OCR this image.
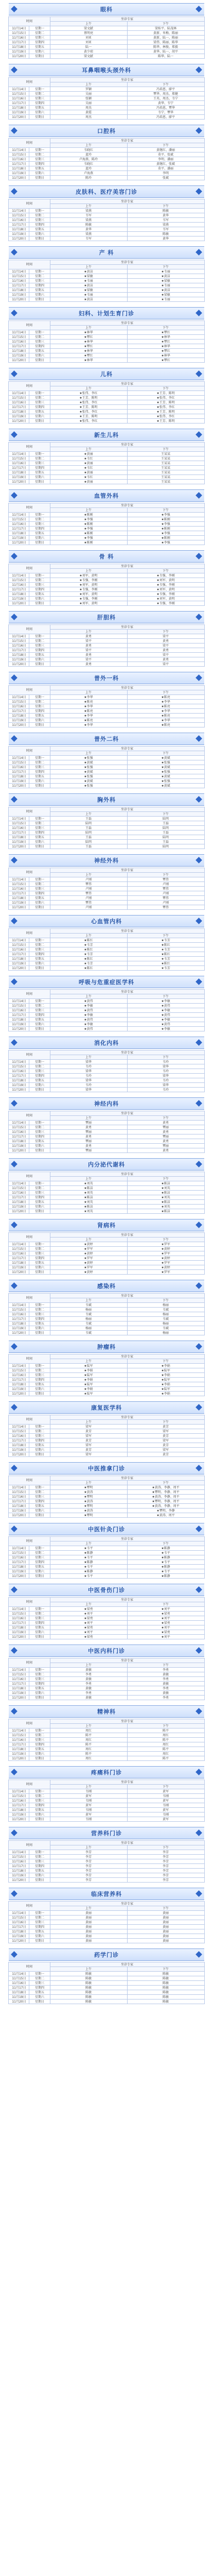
眼科
时间		坐诊专家	
		上午	下午
11月14日	星期一	梁文献	梁桂平、陆茂林
11月15日	星期二	蔡明亮	黄新、米梅、陈丽
11月16日	星期三	刘亚	黄新、陆一、陈丽
11月17日	星期四	刘亚	梁伟、陈丽、陈华
11月18日	星期五	陆一	陈华、林俊、郑毅
11月19日	星期六	黄少琼	黄华、陆一、胡平
11月20日	星期日	梁文献	陈华、陆一
耳鼻咽喉头颈外科
时间		坐诊专家	
		上午	下午
11月14日	星期一	罗颖	冯培恩、廖平
11月15日	星期二	吴丽	覃华、周杰、郑健
11月16日	星期三	张颖	王英、周杰、韦宁
11月17日	星期四	吴丽	黄华、韦宁
11月18日	星期五	周杰	冯培恩、覃华
11月19日	星期六	黄霞	韦宁、覃华
11月20日	星期日	周杰	冯培恩、廖平
口腔科
时间		坐诊专家	
		上午	下午
11月14日	星期一	韦晓红	黄继红、潘丽
11月15日	星期二	蓝玲	莫平、张斌
11月16日	星期三	卢海燕、陈玲	李明、潘丽
11月17日	星期四	韦晓红	黄继红、张斌
11月18日	星期五	蓝玲	莫平、潘丽
11月19日	星期六	卢海燕	李明
11月20日	星期日	陈玲	张斌
皮肤科、医疗美容门诊
时间		坐诊专家	
		上午	下午
11月14日	星期一	梁燕	陈敏
11月15日	星期二	韦军	黄华
11月16日	星期三	梁燕	韦军
11月17日	星期四	陈敏	梁燕
11月18日	星期五	黄华	韦军
11月19日	星期六	梁燕	陈敏
11月20日	星期日	韦军	黄华
产 科
时间		坐诊专家	
		上午	下午
11月14日	星期一	★黄洁	★韦丽
11月15日	星期二	★梁敏	★黄洁
11月16日	星期三	★韦丽	★梁敏
11月17日	星期四	★黄洁	★韦丽
11月18日	星期五	★梁敏	★黄洁
11月19日	星期六	★韦丽	★梁敏
11月20日	星期日	★黄洁	★韦丽
妇科、计划生育门诊
时间		坐诊专家	
		上午	下午
11月14日	星期一	★林华	★覃红
11月15日	星期二	★覃红	★林华
11月16日	星期三	★林华	★覃红
11月17日	星期四	★覃红	★林华
11月18日	星期五	★林华	★覃红
11月19日	星期六	★覃红	★林华
11月20日	星期日	★林华	★覃红
儿科
时间		坐诊专家	
		上午	下午
11月14日	星期一	★张伟、李红	★王芳、陈明
11月15日	星期二	★王芳、陈明	★张伟、李红
11月16日	星期三	★张伟、李红	★王芳、陈明
11月17日	星期四	★王芳、陈明	★张伟、李红
11月18日	星期五	★张伟、李红	★王芳、陈明
11月19日	星期六	★王芳、陈明	★张伟、李红
11月20日	星期日	★张伟、李红	★王芳、陈明
新生儿科
时间		坐诊专家	
		上午	下午
11月14日	星期一	★黄丽	王某某
11月15日	星期二	★韦红	王某某
11月16日	星期三	★黄丽	王某某
11月17日	星期四	★韦红	王某某
11月18日	星期五	★黄丽	王某某
11月19日	星期六	★韦红	王某某
11月20日	星期日	★黄丽	王某某
血管外科
时间		坐诊专家	
		上午	下午
11月14日	星期一	★陈刚	★李强
11月15日	星期二	★李强	★陈刚
11月16日	星期三	★陈刚	★李强
11月17日	星期四	★李强	★陈刚
11月18日	星期五	★陈刚	★李强
11月19日	星期六	★李强	★陈刚
11月20日	星期日	★陈刚	★李强
骨 科
时间		坐诊专家	
		上午	下午
11月14日	星期一	★刘军、黄明	★韦强、李刚
11月15日	星期二	★韦强、李刚	★刘军、黄明
11月16日	星期三	★刘军、黄明	★韦强、李刚
11月17日	星期四	★韦强、李刚	★刘军、黄明
11月18日	星期五	★刘军、黄明	★韦强、李刚
11月19日	星期六	★韦强、李刚	★刘军、黄明
11月20日	星期日	★刘军、黄明	★韦强、李刚
肝胆科
时间		坐诊专家	
		上午	下午
11月14日	星期一	黄勇	梁平
11月15日	星期二	梁平	黄勇
11月16日	星期三	黄勇	梁平
11月17日	星期四	梁平	黄勇
11月18日	星期五	黄勇	梁平
11月19日	星期六	梁平	黄勇
11月20日	星期日	黄勇	梁平
普外一科
时间		坐诊专家	
		上午	下午
11月14日	星期一	★李华	★陈亮
11月15日	星期二	★陈亮	★李华
11月16日	星期三	★李华	★陈亮
11月17日	星期四	★陈亮	★李华
11月18日	星期五	★李华	★陈亮
11月19日	星期六	★陈亮	★李华
11月20日	星期日	★李华	★陈亮
普外二科
时间		坐诊专家	
		上午	下午
11月14日	星期一	★张强	★黄斌
11月15日	星期二	★黄斌	★张强
11月16日	星期三	★张强	★黄斌
11月17日	星期四	★黄斌	★张强
11月18日	星期五	★张强	★黄斌
11月19日	星期六	★黄斌	★张强
11月20日	星期日	★张强	★黄斌
胸外科
时间		坐诊专家	
		上午	下午
11月14日	星期一	王磊	陆明
11月15日	星期二	陆明	王磊
11月16日	星期三	王磊	陆明
11月17日	星期四	陆明	王磊
11月18日	星期五	王磊	陆明
11月19日	星期六	陆明	王磊
11月20日	星期日	王磊	陆明
神经外科
时间		坐诊专家	
		上午	下午
11月14日	星期一	卢刚	覃伟
11月15日	星期二	覃伟	卢刚
11月16日	星期三	卢刚	覃伟
11月17日	星期四	覃伟	卢刚
11月18日	星期五	卢刚	覃伟
11月19日	星期六	覃伟	卢刚
11月20日	星期日	卢刚	覃伟
心血管内科
时间		坐诊专家	
		上午	下午
11月14日	星期一	★陈红	★韦芳
11月15日	星期二	★韦芳	★陈红
11月16日	星期三	★陈红	★韦芳
11月17日	星期四	★韦芳	★陈红
11月18日	星期五	★陈红	★韦芳
11月19日	星期六	★韦芳	★陈红
11月20日	星期日	★陈红	★韦芳
呼吸与危重症医学科
时间		坐诊专家	
		上午	下午
11月14日	星期一	★黄伟	★李敏
11月15日	星期二	★李敏	★黄伟
11月16日	星期三	★黄伟	★李敏
11月17日	星期四	★李敏	★黄伟
11月18日	星期五	★黄伟	★李敏
11月19日	星期六	★李敏	★黄伟
11月20日	星期日	★黄伟	★李敏
消化内科
时间		坐诊专家	
		上午	下午
11月14日	星期一	梁华	韦玲
11月15日	星期二	韦玲	梁华
11月16日	星期三	梁华	韦玲
11月17日	星期四	韦玲	梁华
11月18日	星期五	梁华	韦玲
11月19日	星期六	韦玲	梁华
11月20日	星期日	梁华	韦玲
神经内科
时间		坐诊专家	
		上午	下午
11月14日	星期一	覃丽	黄勇
11月15日	星期二	黄勇	覃丽
11月16日	星期三	覃丽	黄勇
11月17日	星期四	黄勇	覃丽
11月18日	星期五	覃丽	黄勇
11月19日	星期六	黄勇	覃丽
11月20日	星期日	覃丽	黄勇
内分泌代谢科
时间		坐诊专家	
		上午	下午
11月14日	星期一	★刘英	★陈洁
11月15日	星期二	★陈洁	★刘英
11月16日	星期三	★刘英	★陈洁
11月17日	星期四	★陈洁	★刘英
11月18日	星期五	★刘英	★陈洁
11月19日	星期六	★陈洁	★刘英
11月20日	星期日	★刘英	★陈洁
肾病科
时间		坐诊专家	
		上午	下午
11月14日	星期一	★黄婷	★罗军
11月15日	星期二	★罗军	★黄婷
11月16日	星期三	★黄婷	★罗军
11月17日	星期四	★罗军	★黄婷
11月18日	星期五	★黄婷	★罗军
11月19日	星期六	★罗军	★黄婷
11月20日	星期日	★黄婷	★罗军
感染科
时间		坐诊专家	
		上午	下午
11月14日	星期一	韦斌	杨丽
11月15日	星期二	杨丽	韦斌
11月16日	星期三	韦斌	杨丽
11月17日	星期四	杨丽	韦斌
11月18日	星期五	韦斌	杨丽
11月19日	星期六	杨丽	韦斌
11月20日	星期日	韦斌	杨丽
肿瘤科
时间		坐诊专家	
		上午	下午
11月14日	星期一	★陆军	★李娟
11月15日	星期二	★李娟	★陆军
11月16日	星期三	★陆军	★李娟
11月17日	星期四	★李娟	★陆军
11月18日	星期五	★陆军	★李娟
11月19日	星期六	★李娟	★陆军
11月20日	星期日	★陆军	★李娟
康复医学科
时间		坐诊专家	
		上午	下午
11月14日	星期一	梁军	黄芳
11月15日	星期二	黄芳	梁军
11月16日	星期三	梁军	黄芳
11月17日	星期四	黄芳	梁军
11月18日	星期五	梁军	黄芳
11月19日	星期六	黄芳	梁军
11月20日	星期日	梁军	黄芳
中医推拿门诊
时间		坐诊专家	
		上午	下午
11月14日	星期一	★覃明	★黄涛、李静、周平
11月15日	星期二	★黄涛	★覃明、李静、周平
11月16日	星期三	★覃明	★黄涛、李静、周平
11月17日	星期四	★黄涛	★覃明、李静、周平
11月18日	星期五	★覃明	★黄涛、李静、周平
11月19日	星期六	★黄涛	★覃明、李静
11月20日	星期日	★覃明	★黄涛、周平
中医针灸门诊
时间		坐诊专家	
		上午	下午
11月14日	星期一	★韦平	★陈静
11月15日	星期二	★陈静	★韦平
11月16日	星期三	★韦平	★陈静
11月17日	星期四	★陈静	★韦平
11月18日	星期五	★韦平	★陈静
11月19日	星期六	★陈静	★韦平
11月20日	星期日	★韦平	★陈静
中医骨伤门诊
时间		坐诊专家	
		上午	下午
11月14日	星期一	★梁勇	★刘平
11月15日	星期二	★刘平	★梁勇
11月16日	星期三	★梁勇	★刘平
11月17日	星期四	★刘平	★梁勇
11月18日	星期五	★梁勇	★刘平
11月19日	星期六	★刘平	★梁勇
11月20日	星期日	★梁勇	★刘平
中医内科门诊
时间		坐诊专家	
		上午	下午
11月14日	星期一	黄敏	李勇
11月15日	星期二	李勇	黄敏
11月16日	星期三	黄敏	李勇
11月17日	星期四	李勇	黄敏
11月18日	星期五	黄敏	李勇
11月19日	星期六	李勇	黄敏
11月20日	星期日	黄敏	李勇
精神科
时间		坐诊专家	
		上午	下午
11月14日	星期一	周红	陈平
11月15日	星期二	陈平	周红
11月16日	星期三	周红	陈平
11月17日	星期四	陈平	周红
11月18日	星期五	周红	陈平
11月19日	星期六	陈平	周红
11月20日	星期日	周红	陈平
疼痛科门诊
时间		坐诊专家	
		上午	下午
11月14日	星期一	韦刚	黄军
11月15日	星期二	黄军	韦刚
11月16日	星期三	韦刚	黄军
11月17日	星期四	黄军	韦刚
11月18日	星期五	韦刚	黄军
11月19日	星期六	黄军	韦刚
11月20日	星期日	韦刚	黄军
营养科门诊
时间		坐诊专家	
		上午	下午
11月14日	星期一	李芳	李芳
11月15日	星期二	李芳	李芳
11月16日	星期三	李芳	李芳
11月17日	星期四	李芳	李芳
11月18日	星期五	李芳	李芳
11月19日	星期六	李芳	李芳
11月20日	星期日	李芳	李芳
临床营养科
时间		坐诊专家	
		上午	下午
11月14日	星期一	黄丽	黄丽
11月15日	星期二	黄丽	黄丽
11月16日	星期三	黄丽	黄丽
11月17日	星期四	黄丽	黄丽
11月18日	星期五	黄丽	黄丽
11月19日	星期六	黄丽	黄丽
11月20日	星期日	黄丽	黄丽
药学门诊
时间		坐诊专家	
		上午	下午
11月14日	星期一	陈敏	陈敏
11月15日	星期二	陈敏	陈敏
11月16日	星期三	陈敏	陈敏
11月17日	星期四	陈敏	陈敏
11月18日	星期五	陈敏	陈敏
11月19日	星期六	陈敏	陈敏
11月20日	星期日	陈敏	陈敏
